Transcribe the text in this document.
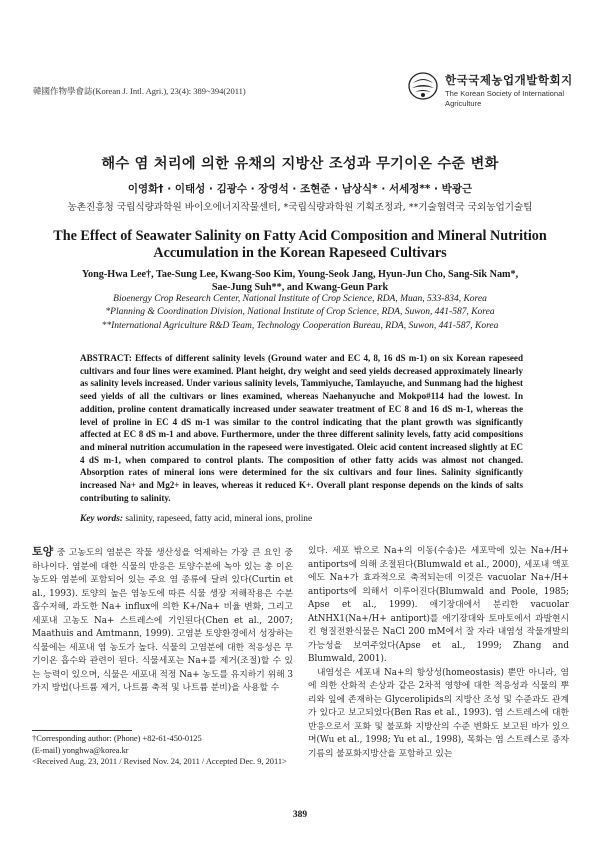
韓國作物學會誌(Korean J. Intl. Agri.), 23(4): 389~394(2011)
한국국제농업개발학회지
The Korean Society of International
Agriculture
해수 염 처리에 의한 유채의 지방산 조성과 무기이온 수준 변화
이영화† · 이태성 · 김광수 · 장영석 · 조현준 · 남상식* · 서세정** · 박광근
농촌진흥청 국립식량과학원 바이오에너지작물센터, *국립식량과학원 기획조정과, **기술협력국 국외농업기술팀
The Effect of Seawater Salinity on Fatty Acid Composition and Mineral Nutrition
Accumulation in the Korean Rapeseed Cultivars
Yong-Hwa Lee†, Tae-Sung Lee, Kwang-Soo Kim, Young-Seok Jang, Hyun-Jun Cho, Sang-Sik Nam*,
Sae-Jung Suh**, and Kwang-Geun Park
Bioenergy Crop Research Center, National Institute of Crop Science, RDA, Muan, 533-834, Korea
*Planning & Coordination Division, National Institute of Crop Science, RDA, Suwon, 441-587, Korea
**International Agriculture R&D Team, Technology Cooperation Bureau, RDA, Suwon, 441-587, Korea
ABSTRACT: Effects of different salinity levels (Ground water and EC 4, 8, 16 dS m-1) on six Korean rapeseed cultivars and four lines were examined. Plant height, dry weight and seed yields decreased approximately linearly as salinity levels increased. Under various salinity levels, Tammiyuche, Tamlayuche, and Sunmang had the highest seed yields of all the cultivars or lines examined, whereas Naehanyuche and Mokpo#114 had the lowest. In addition, proline content dramatically increased under seawater treatment of EC 8 and 16 dS m-1, whereas the level of proline in EC 4 dS m-1 was similar to the control indicating that the plant growth was significantly affected at EC 8 dS m-1 and above. Furthermore, under the three different salinity levels, fatty acid compositions and mineral nutrition accumulation in the rapeseed were investigated. Oleic acid content increased slightly at EC 4 dS m-1, when compared to control plants. The composition of other fatty acids was almost not changed. Absorption rates of mineral ions were determined for the six cultivars and four lines. Salinity significantly increased Na+ and Mg2+ in leaves, whereas it reduced K+. Overall plant response depends on the kinds of salts contributing to salinity.
Key words: salinity, rapeseed, fatty acid, mineral ions, proline
토양 중 고농도의 염분은 작물 생산성을 억제하는 가장 큰 요인 중 하나이다. 염분에 대한 식물의 반응은 토양수분에 녹아 있는 총 이온 농도와 염분에 포함되어 있는 주요 염 종류에 달려 있다(Curtin et al., 1993). 토양의 높은 염농도에 따른 식물 생장 저해작용은 수분 흡수저해, 과도한 Na+ influx에 의한 K+/Na+ 비율 변화, 그리고 세포내 고농도 Na+ 스트레스에 기인된다(Chen et al., 2007; Maathuis and Amtmann, 1999). 고염분 토양환경에서 성장하는 식물에는 세포내 염 농도가 높다. 식물의 고염분에 대한 적응성은 무기이온 흡수와 관련이 된다. 식물세포는 Na+를 제거(조절)할 수 있는 능력이 있으며, 식물은 세포내 적정 Na+ 농도를 유지하기 위해 3가지 방법(나트륨 제거, 나트륨 축적 및 나트륨 분비)을 사용할 수
있다. 세포 밖으로 Na+의 이동(수송)은 세포막에 있는 Na+/H+ antiports에 의해 조절된다(Blumwald et al., 2000), 세포내 액포에도 Na+가 효과적으로 축적되는데 이것은 vacuolar Na+/H+ antiports에 의해서 이루어진다(Blumwald and Poole, 1985; Apse et al., 1999). 애기장대에서 분리한 vacuolar AtNHX1(Na+/H+ antiport)를 애기장대와 토마토에서 과발현시킨 형질전환식물은 NaCl 200 mM에서 잘 자라 내염성 작물개발의 가능성을 보여주었다(Apse et al., 1999; Zhang and Blumwald, 2001).
내염성은 세포내 Na+의 항상성(homeostasis) 뿐만 아니라, 염에 의한 산화적 손상과 같은 2차적 영향에 대한 적응성과 식물의 뿌리와 잎에 존재하는 Glycerolipids의 지방산 조성 및 수준과도 관계가 있다고 보고되었다(Ben Ras et al., 1993). 염 스트레스에 대한 반응으로서 포화 및 불포화 지방산의 수준 변화도 보고된 바가 있으며(Wu et al., 1998; Yu et al., 1998), 목화는 염 스트레스로 종자 기름의 불포화지방산을 포함하고 있는
†Corresponding author: (Phone) +82-61-450-0125
(E-mail) yonghwa@korea.kr
<Received Aug. 23, 2011 / Revised Nov. 24, 2011 / Accepted Dec. 9, 2011>
389
